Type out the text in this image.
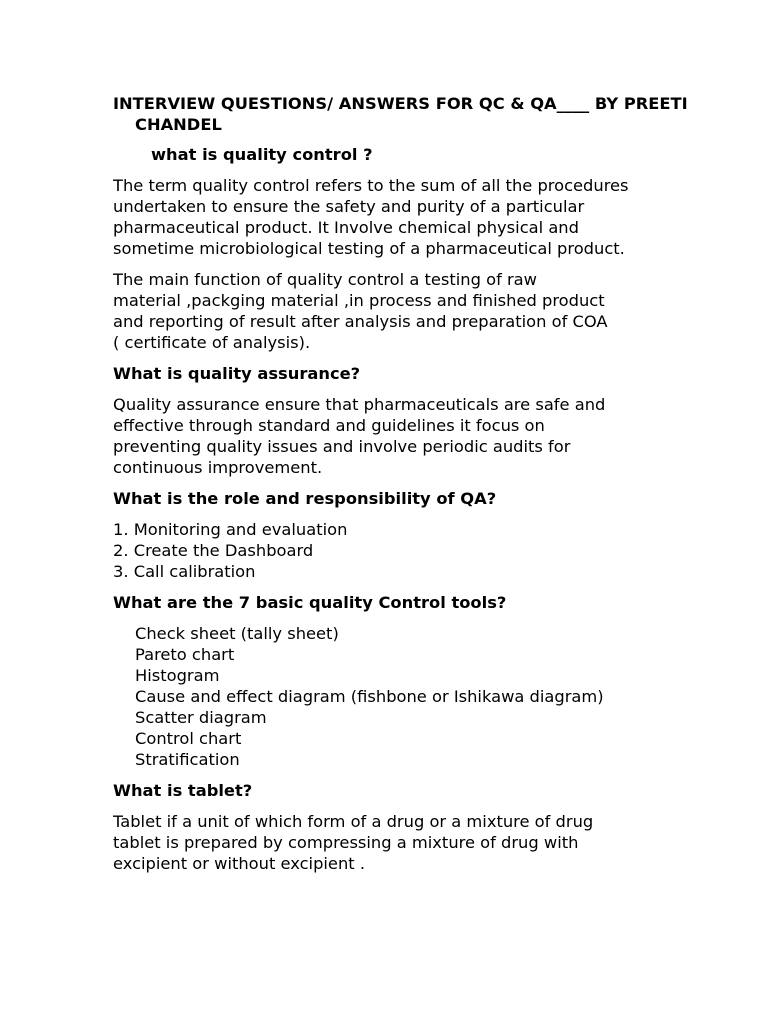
INTERVIEW QUESTIONS/ ANSWERS FOR QC & QA____ BY PREETI CHANDEL
what is quality control ?
The term quality control refers to the sum of all the procedures
undertaken to ensure the safety and purity of a particular
pharmaceutical product. It Involve chemical physical and
sometime microbiological testing of a pharmaceutical product.
The main function of quality control a testing of raw
material ,packging material ,in process and finished product
and reporting of result after analysis and preparation of COA
( certificate of analysis).
What is quality assurance?
Quality assurance ensure that pharmaceuticals are safe and
effective through standard and guidelines it focus on
preventing quality issues and involve periodic audits for
continuous improvement.
What is the role and responsibility of QA?
1. Monitoring and evaluation
2. Create the Dashboard
3. Call calibration
What are the 7 basic quality Control tools?
Check sheet (tally sheet)
Pareto chart
Histogram
Cause and effect diagram (fishbone or Ishikawa diagram)
Scatter diagram
Control chart
Stratification
What is tablet?
Tablet if a unit of which form of a drug or a mixture of drug
tablet is prepared by compressing a mixture of drug with
excipient or without excipient .
